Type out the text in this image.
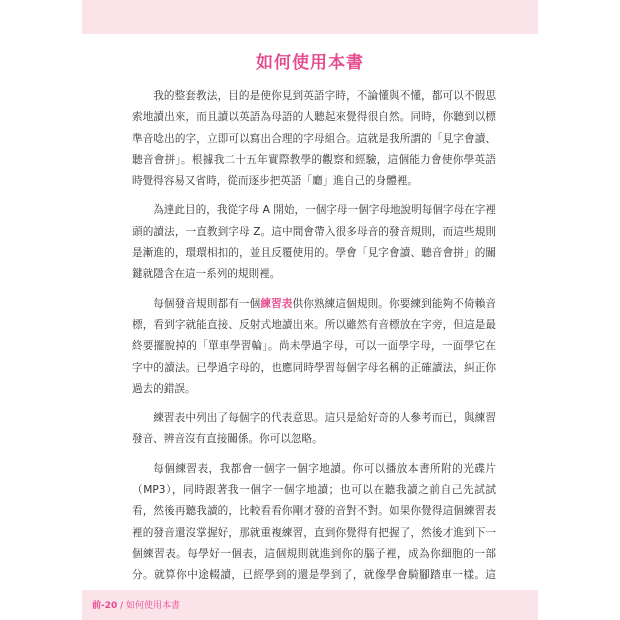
如何使用本書

我的整套教法，目的是使你見到英語字時，不論懂與不懂，都可以不假思索地讀出來，而且讀以英語為母語的人聽起來覺得很自然。同時，你聽到以標準音唸出的字，立即可以寫出合理的字母組合。這就是我所謂的「見字會讀、聽音會拼」。根據我二十五年實際教學的觀察和經驗，這個能力會使你學英語時覺得容易又省時，從而逐步把英語「廳」進自己的身體裡。

為達此目的，我從字母 A 開始，一個字母一個字母地說明每個字母在字裡頭的讀法，一直教到字母 Z。這中間會帶入很多母音的發音規則，而這些規則是漸進的，環環相扣的，並且反覆使用的。學會「見字會讀、聽音會拼」的關鍵就隱含在這一系列的規則裡。

每個發音規則都有一個練習表供你熟練這個規則。你要練到能夠不倚賴音標，看到字就能直接、反射式地讀出來。所以雖然有音標放在字旁，但這是最終要擺脫掉的「單車學習輪」。尚未學過字母，可以一面學字母，一面學它在字中的讀法。已學過字母的，也應同時學習每個字母名稱的正確讀法，糾正你過去的錯誤。

練習表中列出了每個字的代表意思。這只是給好奇的人參考而已，與練習發音、辨音沒有直接關係。你可以忽略。

每個練習表，我都會一個字一個字地讀。你可以播放本書所附的光碟片（MP3），同時跟著我一個字一個字地讀；也可以在聽我讀之前自己先試試看，然後再聽我讀的，比較看看你剛才發的音對不對。如果你覺得這個練習表裡的發音還沒掌握好，那就重複練習，直到你覺得有把握了，然後才進到下一個練習表。每學好一個表，這個規則就進到你的腦子裡，成為你細胞的一部分。就算你中途輟讀，已經學到的還是學到了，就像學會騎腳踏車一樣。這

前-20 / 如何使用本書
